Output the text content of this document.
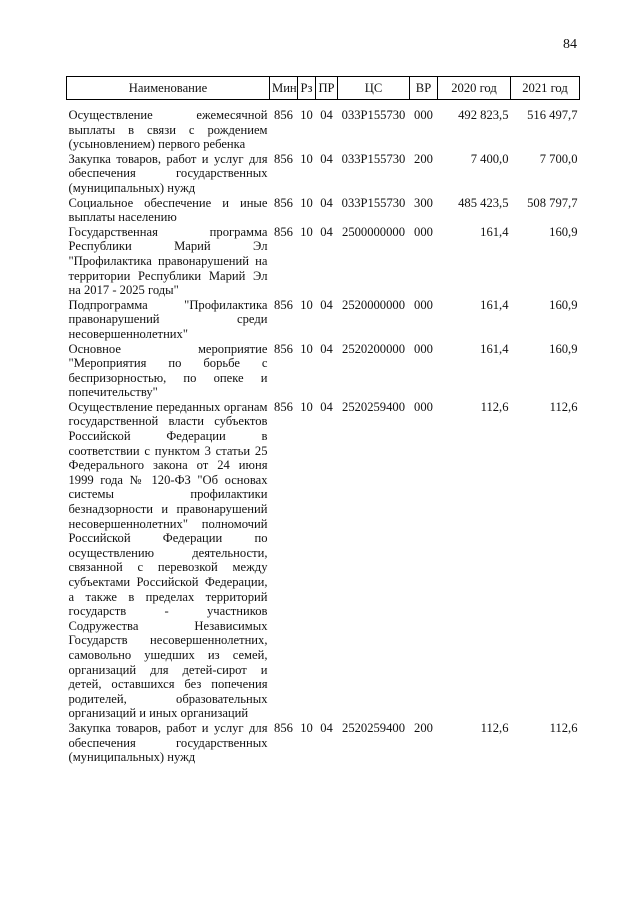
84
Наименование	Мин	Рз	ПР	ЦС	ВР	2020 год	2021 год
Осуществление ежемесячной выплаты в связи с рождением (усыновлением) первого ребенка	856	10	04	033P155730	000	492 823,5	516 497,7
Закупка товаров, работ и услуг для обеспечения государственных (муниципальных) нужд	856	10	04	033P155730	200	7 400,0	7 700,0
Социальное обеспечение и иные выплаты населению	856	10	04	033P155730	300	485 423,5	508 797,7
Государственная программа Республики Марий Эл "Профилактика правонарушений на территории Республики Марий Эл на 2017 - 2025 годы"	856	10	04	2500000000	000	161,4	160,9
Подпрограмма "Профилактика правонарушений среди несовершеннолетних"	856	10	04	2520000000	000	161,4	160,9
Основное мероприятие "Мероприятия по борьбе с беспризорностью, по опеке и попечительству"	856	10	04	2520200000	000	161,4	160,9
Осуществление переданных органам государственной власти субъектов Российской Федерации в соответствии с пунктом 3 статьи 25 Федерального закона от 24 июня 1999 года № 120-ФЗ "Об основах системы профилактики безнадзорности и правонарушений несовершеннолетних" полномочий Российской Федерации по осуществлению деятельности, связанной с перевозкой между субъектами Российской Федерации, а также в пределах территорий государств - участников Содружества Независимых Государств несовершеннолетних, самовольно ушедших из семей, организаций для детей-сирот и детей, оставшихся без попечения родителей, образовательных организаций и иных организаций	856	10	04	2520259400	000	112,6	112,6
Закупка товаров, работ и услуг для обеспечения государственных (муниципальных) нужд	856	10	04	2520259400	200	112,6	112,6
